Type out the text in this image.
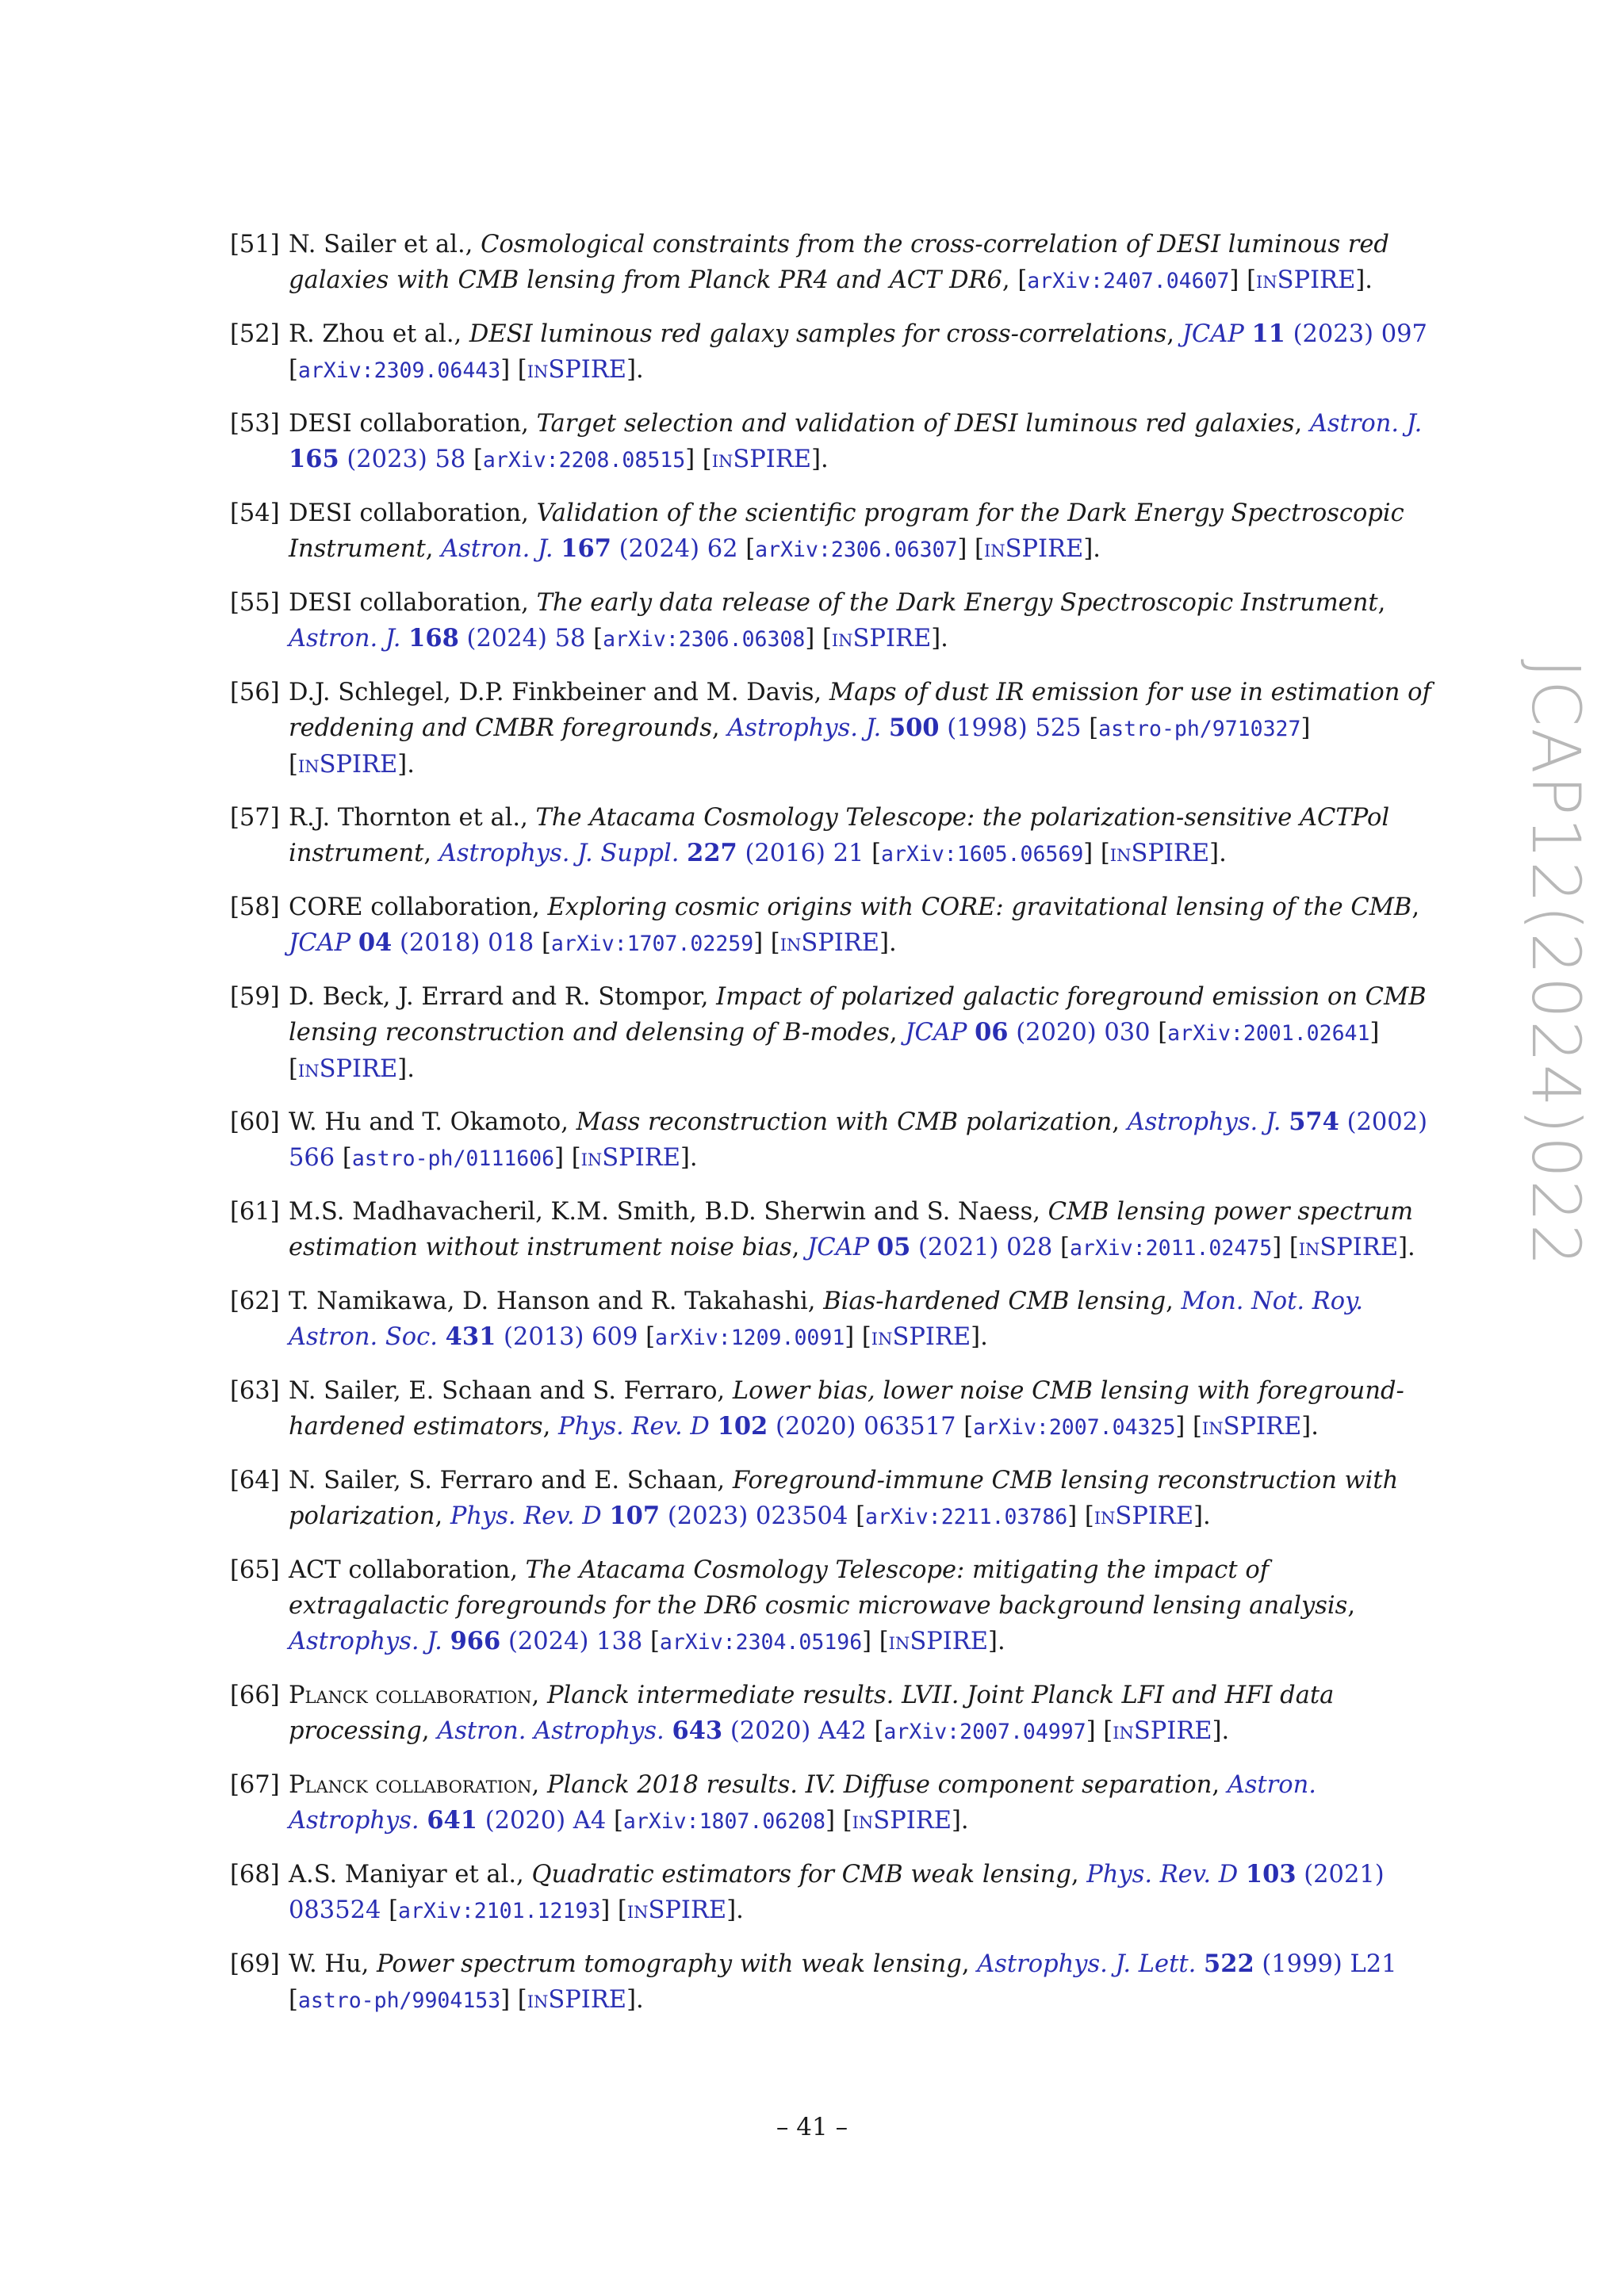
[51] N. Sailer et al., Cosmological constraints from the cross-correlation of DESI luminous red galaxies with CMB lensing from Planck PR4 and ACT DR6, [arXiv:2407.04607] [inSPIRE].
[52] R. Zhou et al., DESI luminous red galaxy samples for cross-correlations, JCAP 11 (2023) 097 [arXiv:2309.06443] [inSPIRE].
[53] DESI collaboration, Target selection and validation of DESI luminous red galaxies, Astron. J. 165 (2023) 58 [arXiv:2208.08515] [inSPIRE].
[54] DESI collaboration, Validation of the scientific program for the Dark Energy Spectroscopic Instrument, Astron. J. 167 (2024) 62 [arXiv:2306.06307] [inSPIRE].
[55] DESI collaboration, The early data release of the Dark Energy Spectroscopic Instrument, Astron. J. 168 (2024) 58 [arXiv:2306.06308] [inSPIRE].
[56] D.J. Schlegel, D.P. Finkbeiner and M. Davis, Maps of dust IR emission for use in estimation of reddening and CMBR foregrounds, Astrophys. J. 500 (1998) 525 [astro-ph/9710327] [inSPIRE].
[57] R.J. Thornton et al., The Atacama Cosmology Telescope: the polarization-sensitive ACTPol instrument, Astrophys. J. Suppl. 227 (2016) 21 [arXiv:1605.06569] [inSPIRE].
[58] CORE collaboration, Exploring cosmic origins with CORE: gravitational lensing of the CMB, JCAP 04 (2018) 018 [arXiv:1707.02259] [inSPIRE].
[59] D. Beck, J. Errard and R. Stompor, Impact of polarized galactic foreground emission on CMB lensing reconstruction and delensing of B-modes, JCAP 06 (2020) 030 [arXiv:2001.02641] [inSPIRE].
[60] W. Hu and T. Okamoto, Mass reconstruction with CMB polarization, Astrophys. J. 574 (2002) 566 [astro-ph/0111606] [inSPIRE].
[61] M.S. Madhavacheril, K.M. Smith, B.D. Sherwin and S. Naess, CMB lensing power spectrum estimation without instrument noise bias, JCAP 05 (2021) 028 [arXiv:2011.02475] [inSPIRE].
[62] T. Namikawa, D. Hanson and R. Takahashi, Bias-hardened CMB lensing, Mon. Not. Roy. Astron. Soc. 431 (2013) 609 [arXiv:1209.0091] [inSPIRE].
[63] N. Sailer, E. Schaan and S. Ferraro, Lower bias, lower noise CMB lensing with foreground-hardened estimators, Phys. Rev. D 102 (2020) 063517 [arXiv:2007.04325] [inSPIRE].
[64] N. Sailer, S. Ferraro and E. Schaan, Foreground-immune CMB lensing reconstruction with polarization, Phys. Rev. D 107 (2023) 023504 [arXiv:2211.03786] [inSPIRE].
[65] ACT collaboration, The Atacama Cosmology Telescope: mitigating the impact of extragalactic foregrounds for the DR6 cosmic microwave background lensing analysis, Astrophys. J. 966 (2024) 138 [arXiv:2304.05196] [inSPIRE].
[66] Planck collaboration, Planck intermediate results. LVII. Joint Planck LFI and HFI data processing, Astron. Astrophys. 643 (2020) A42 [arXiv:2007.04997] [inSPIRE].
[67] Planck collaboration, Planck 2018 results. IV. Diffuse component separation, Astron. Astrophys. 641 (2020) A4 [arXiv:1807.06208] [inSPIRE].
[68] A.S. Maniyar et al., Quadratic estimators for CMB weak lensing, Phys. Rev. D 103 (2021) 083524 [arXiv:2101.12193] [inSPIRE].
[69] W. Hu, Power spectrum tomography with weak lensing, Astrophys. J. Lett. 522 (1999) L21 [astro-ph/9904153] [inSPIRE].
JCAP12(2024)022
– 41 –
